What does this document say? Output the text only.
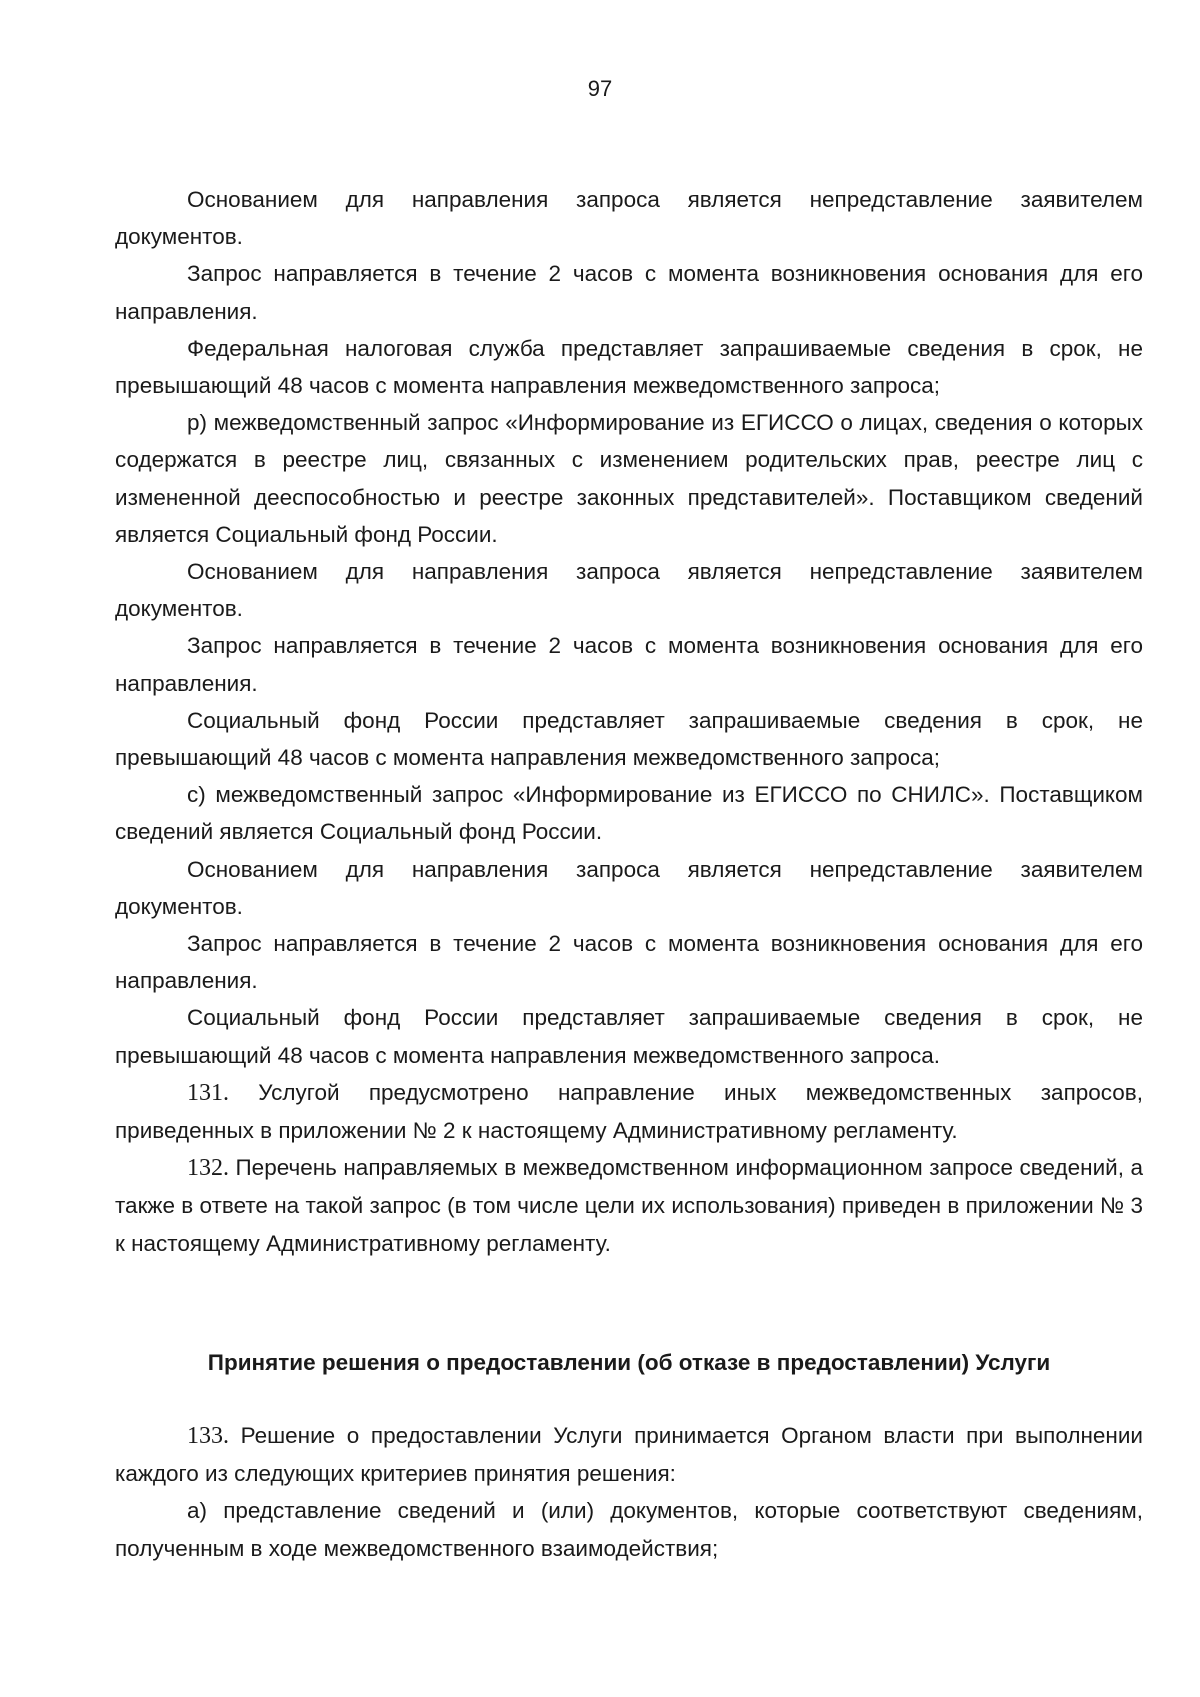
97

Основанием для направления запроса является непредставление заявителем документов.

Запрос направляется в течение 2 часов с момента возникновения основания для его направления.

Федеральная налоговая служба представляет запрашиваемые сведения в срок, не превышающий 48 часов с момента направления межведомственного запроса;

р) межведомственный запрос «Информирование из ЕГИССО о лицах, сведения о которых содержатся в реестре лиц, связанных с изменением родительских прав, реестре лиц с измененной дееспособностью и реестре законных представителей». Поставщиком сведений является Социальный фонд России.

Основанием для направления запроса является непредставление заявителем документов.

Запрос направляется в течение 2 часов с момента возникновения основания для его направления.

Социальный фонд России представляет запрашиваемые сведения в срок, не превышающий 48 часов с момента направления межведомственного запроса;

с) межведомственный запрос «Информирование из ЕГИССО по СНИЛС». Поставщиком сведений является Социальный фонд России.

Основанием для направления запроса является непредставление заявителем документов.

Запрос направляется в течение 2 часов с момента возникновения основания для его направления.

Социальный фонд России представляет запрашиваемые сведения в срок, не превышающий 48 часов с момента направления межведомственного запроса.

131. Услугой предусмотрено направление иных межведомственных запросов, приведенных в приложении № 2 к настоящему Административному регламенту.

132. Перечень направляемых в межведомственном информационном запросе сведений, а также в ответе на такой запрос (в том числе цели их использования) приведен в приложении № 3 к настоящему Административному регламенту.

Принятие решения о предоставлении (об отказе в предоставлении) Услуги

133. Решение о предоставлении Услуги принимается Органом власти при выполнении каждого из следующих критериев принятия решения:

а) представление сведений и (или) документов, которые соответствуют сведениям, полученным в ходе межведомственного взаимодействия;
